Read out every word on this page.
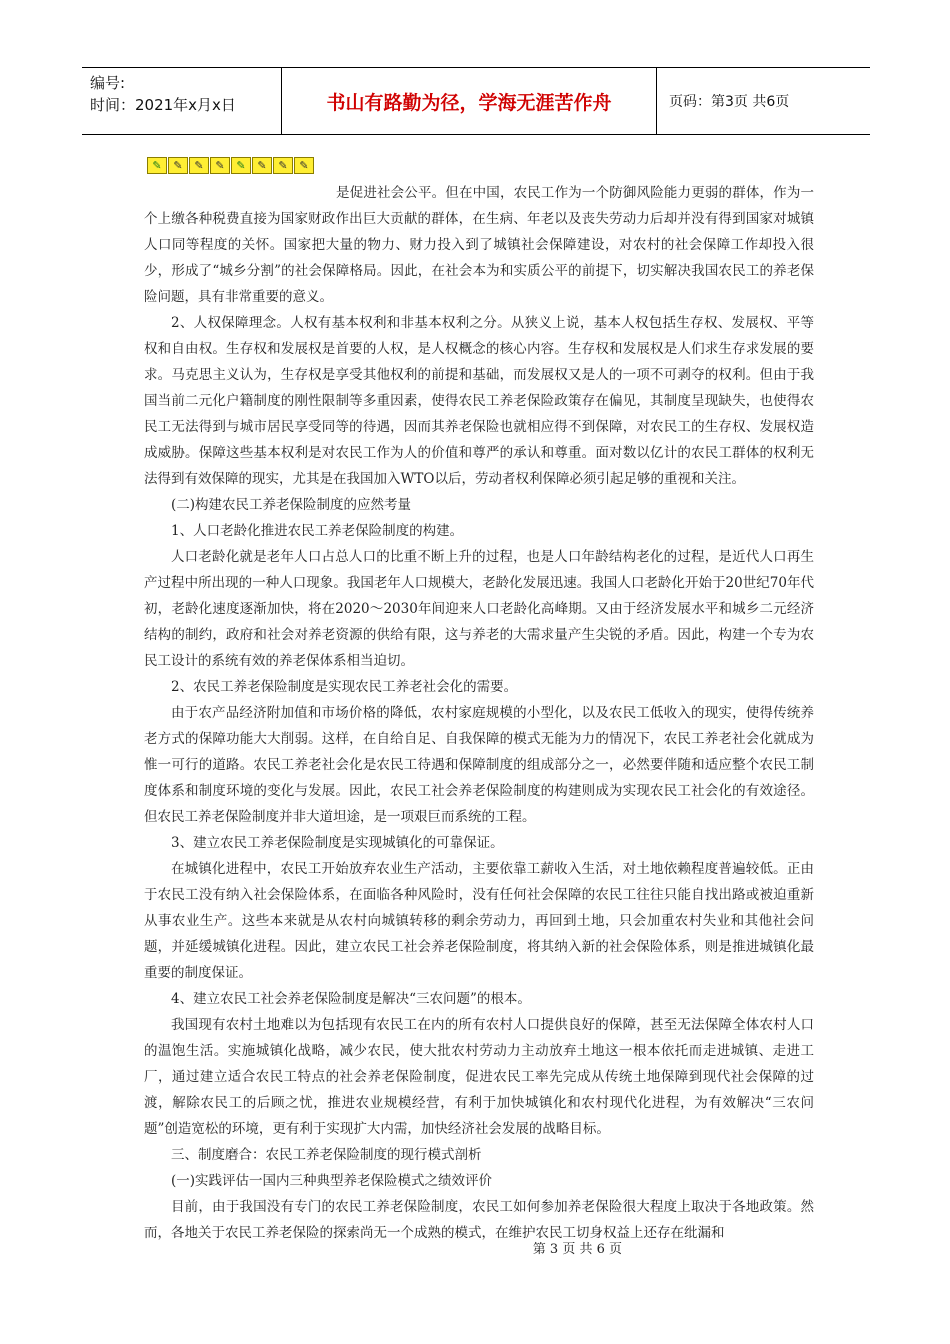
编号:
时间：2021年x月x日	书山有路勤为径，学海无涯苦作舟	页码：第3页 共6页
✎	✎	✎	✎	✎	✎	✎	✎

是促进社会公平。但在中国，农民工作为一个防御风险能力更弱的群体，作为一个上缴各种税费直接为国家财政作出巨大贡献的群体，在生病、年老以及丧失劳动力后却并没有得到国家对城镇人口同等程度的关怀。国家把大量的物力、财力投入到了城镇社会保障建设，对农村的社会保障工作却投入很少，形成了“城乡分割”的社会保障格局。因此，在社会本为和实质公平的前提下，切实解决我国农民工的养老保险问题，具有非常重要的意义。

2、人权保障理念。人权有基本权利和非基本权利之分。从狭义上说，基本人权包括生存权、发展权、平等权和自由权。生存权和发展权是首要的人权，是人权概念的核心内容。生存权和发展权是人们求生存求发展的要求。马克思主义认为，生存权是享受其他权利的前提和基础，而发展权又是人的一项不可剥夺的权利。但由于我国当前二元化户籍制度的刚性限制等多重因素，使得农民工养老保险政策存在偏见，其制度呈现缺失，也使得农民工无法得到与城市居民享受同等的待遇，因而其养老保险也就相应得不到保障，对农民工的生存权、发展权造成威胁。保障这些基本权利是对农民工作为人的价值和尊严的承认和尊重。面对数以亿计的农民工群体的权利无法得到有效保障的现实，尤其是在我国加入WTO以后，劳动者权利保障必须引起足够的重视和关注。

(二)构建农民工养老保险制度的应然考量

1、人口老龄化推进农民工养老保险制度的构建。

人口老龄化就是老年人口占总人口的比重不断上升的过程，也是人口年龄结构老化的过程，是近代人口再生产过程中所出现的一种人口现象。我国老年人口规模大，老龄化发展迅速。我国人口老龄化开始于20世纪70年代初，老龄化速度逐渐加快，将在2020～2030年间迎来人口老龄化高峰期。又由于经济发展水平和城乡二元经济结构的制约，政府和社会对养老资源的供给有限，这与养老的大需求量产生尖锐的矛盾。因此，构建一个专为农民工设计的系统有效的养老保体系相当迫切。

2、农民工养老保险制度是实现农民工养老社会化的需要。

由于农产品经济附加值和市场价格的降低，农村家庭规模的小型化，以及农民工低收入的现实，使得传统养老方式的保障功能大大削弱。这样，在自给自足、自我保障的模式无能为力的情况下，农民工养老社会化就成为惟一可行的道路。农民工养老社会化是农民工待遇和保障制度的组成部分之一，必然要伴随和适应整个农民工制度体系和制度环境的变化与发展。因此，农民工社会养老保险制度的构建则成为实现农民工社会化的有效途径。但农民工养老保险制度并非大道坦途，是一项艰巨而系统的工程。

3、建立农民工养老保险制度是实现城镇化的可靠保证。

在城镇化进程中，农民工开始放弃农业生产活动，主要依靠工薪收入生活，对土地依赖程度普遍较低。正由于农民工没有纳入社会保险体系，在面临各种风险时，没有任何社会保障的农民工往往只能自找出路或被迫重新从事农业生产。这些本来就是从农村向城镇转移的剩余劳动力，再回到土地，只会加重农村失业和其他社会问题，并延缓城镇化进程。因此，建立农民工社会养老保险制度，将其纳入新的社会保险体系，则是推进城镇化最重要的制度保证。

4、建立农民工社会养老保险制度是解决“三农问题”的根本。

我国现有农村土地难以为包括现有农民工在内的所有农村人口提供良好的保障，甚至无法保障全体农村人口的温饱生活。实施城镇化战略，减少农民，使大批农村劳动力主动放弃土地这一根本依托而走进城镇、走进工厂，通过建立适合农民工特点的社会养老保险制度，促进农民工率先完成从传统土地保障到现代社会保障的过渡，解除农民工的后顾之忧，推进农业规模经营，有利于加快城镇化和农村现代化进程，为有效解决“三农问题”创造宽松的环境，更有利于实现扩大内需，加快经济社会发展的战略目标。

三、制度磨合：农民工养老保险制度的现行模式剖析

(一)实践评估一国内三种典型养老保险模式之绩效评价

目前，由于我国没有专门的农民工养老保险制度，农民工如何参加养老保险很大程度上取决于各地政策。然而，各地关于农民工养老保险的探索尚无一个成熟的模式，在维护农民工切身权益上还存在纰漏和

第 3 页 共 6 页
